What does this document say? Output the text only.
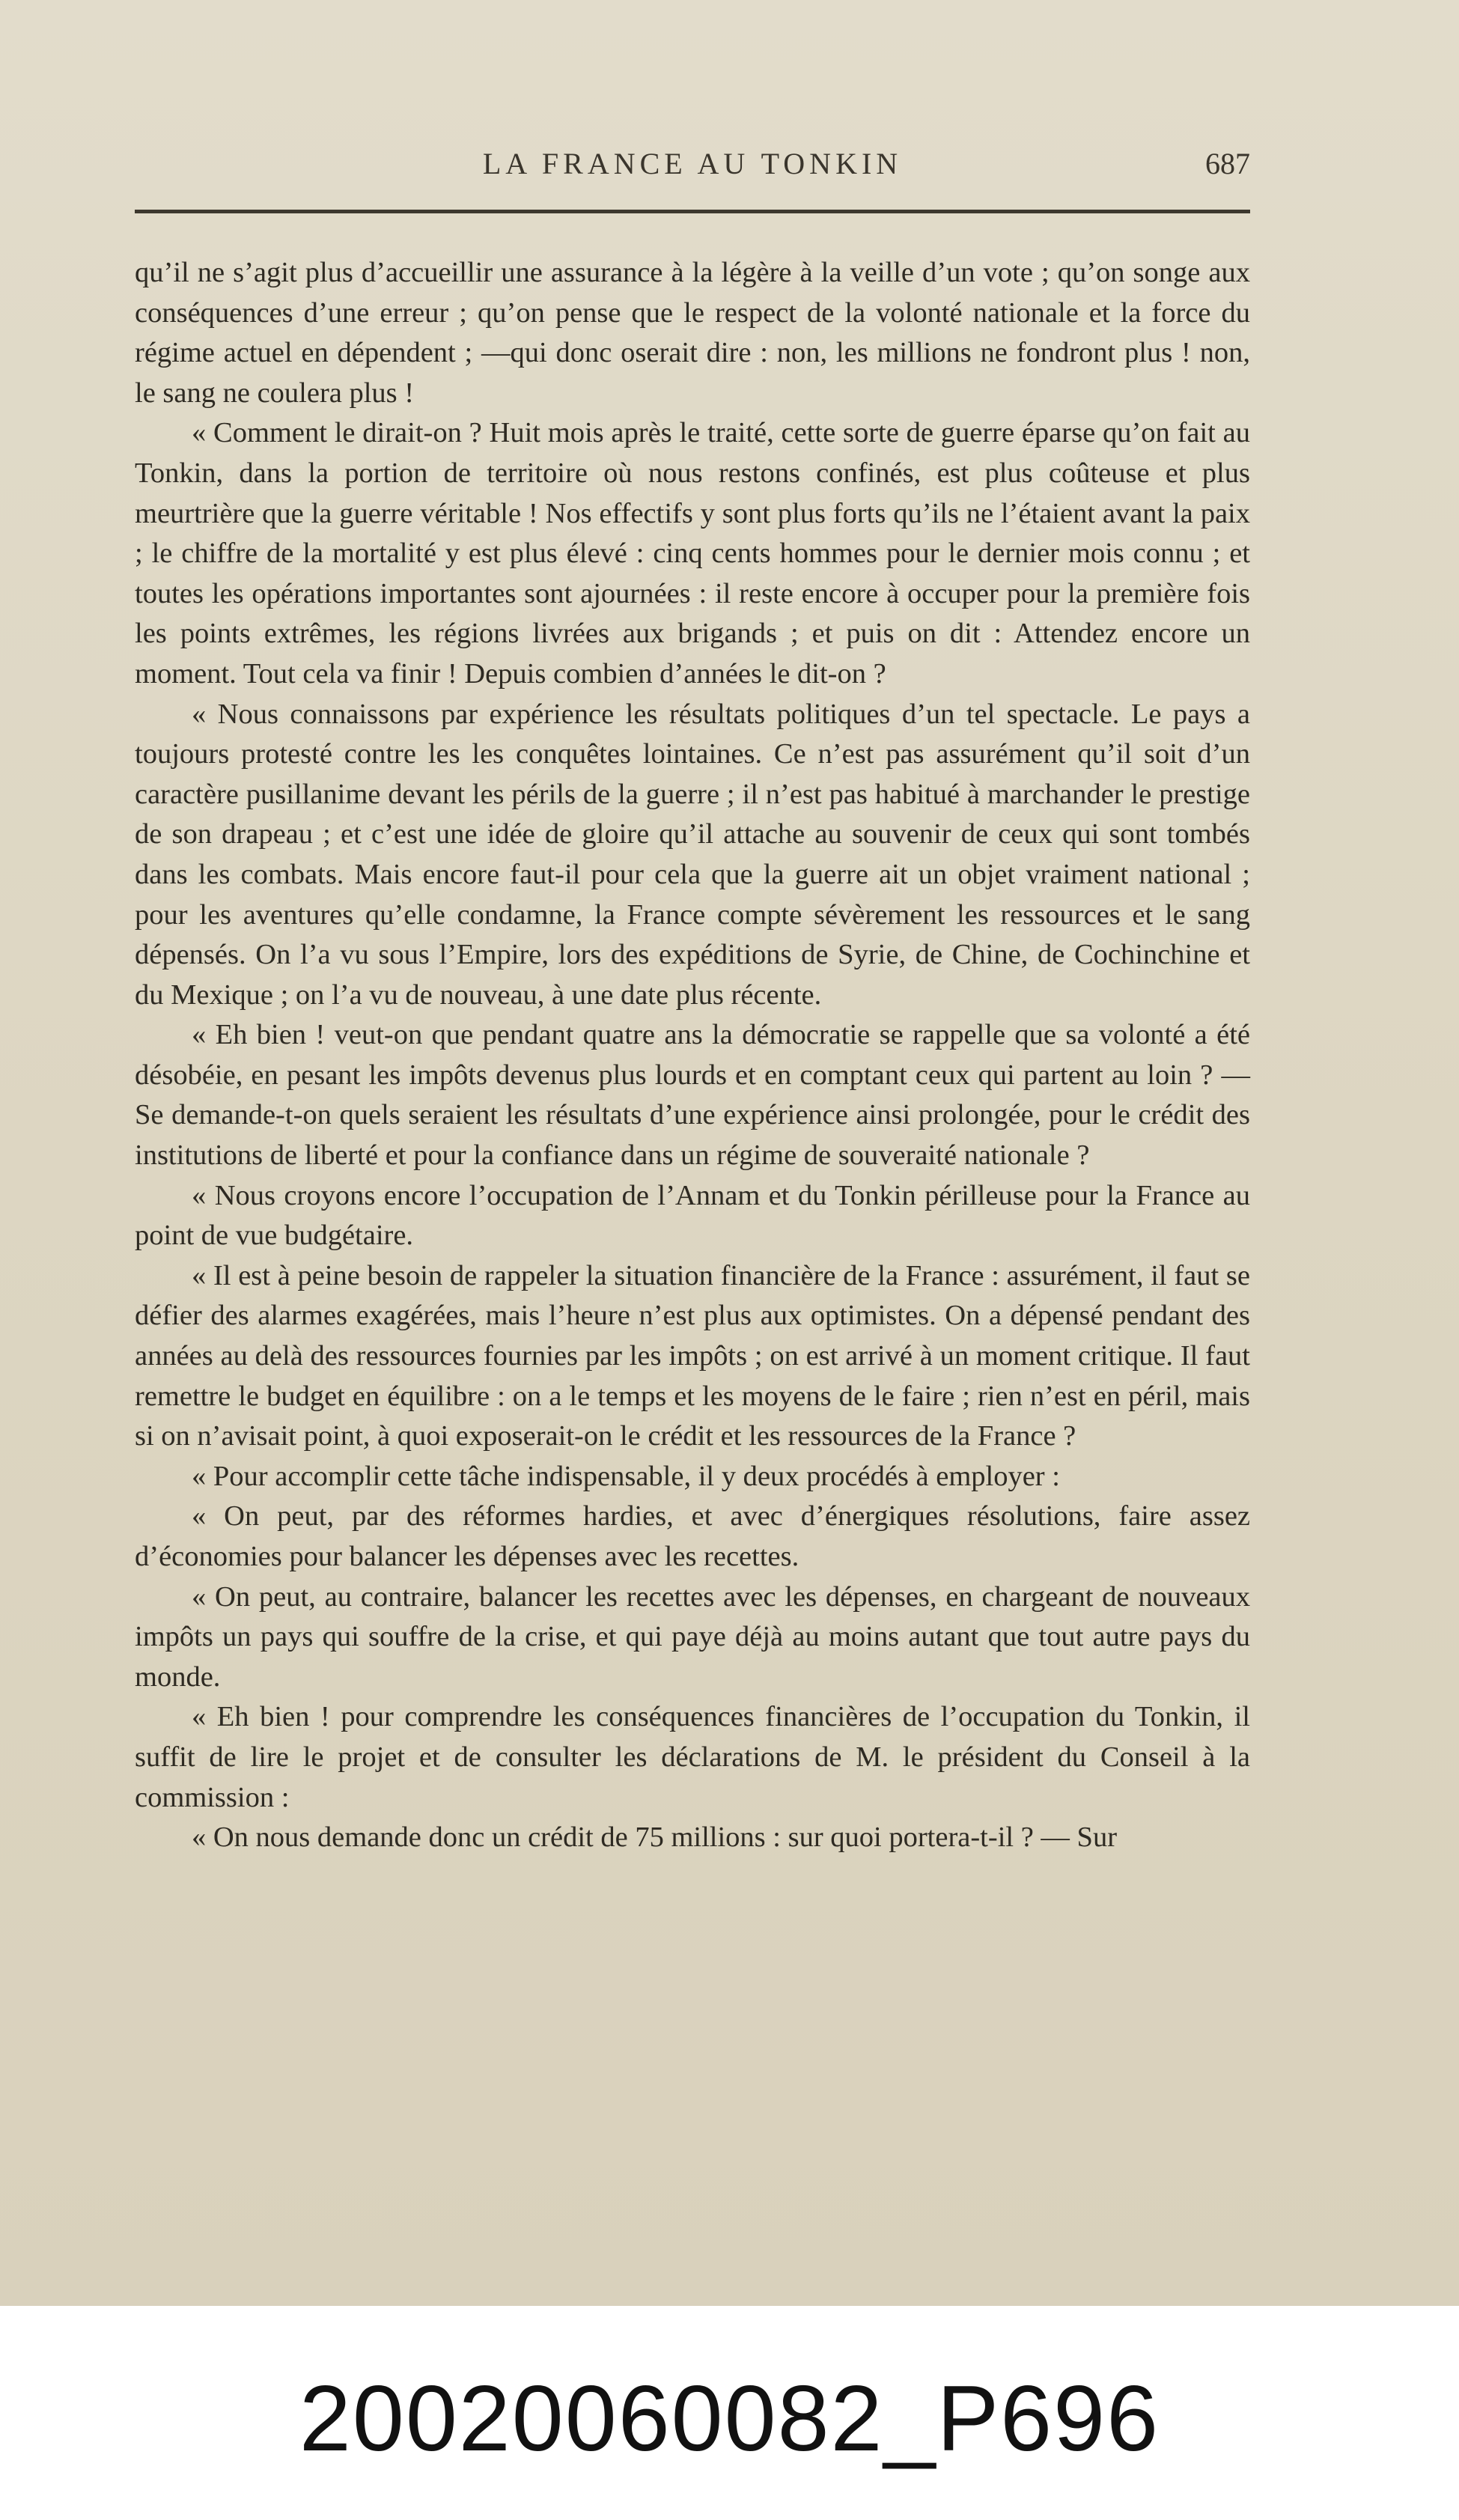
LA FRANCE AU TONKIN	687

qu’il ne s’agit plus d’accueillir une assurance à la légère à la veille d’un vote ; qu’on songe aux conséquences d’une erreur ; qu’on pense que le respect de la volonté nationale et la force du régime actuel en dépendent ; —qui donc oserait dire : non, les millions ne fondront plus ! non, le sang ne coulera plus !

« Comment le dirait-on ? Huit mois après le traité, cette sorte de guerre éparse qu’on fait au Tonkin, dans la portion de territoire où nous restons confinés, est plus coûteuse et plus meurtrière que la guerre véritable ! Nos effectifs y sont plus forts qu’ils ne l’étaient avant la paix ; le chiffre de la mortalité y est plus élevé : cinq cents hommes pour le dernier mois connu ; et toutes les opérations importantes sont ajournées : il reste encore à occuper pour la première fois les points extrêmes, les régions livrées aux brigands ; et puis on dit : Attendez encore un moment. Tout cela va finir ! Depuis combien d’années le dit-on ?

« Nous connaissons par expérience les résultats politiques d’un tel spectacle. Le pays a toujours protesté contre les les conquêtes lointaines. Ce n’est pas assurément qu’il soit d’un caractère pusillanime devant les périls de la guerre ; il n’est pas habitué à marchander le prestige de son drapeau ; et c’est une idée de gloire qu’il attache au souvenir de ceux qui sont tombés dans les combats. Mais encore faut-il pour cela que la guerre ait un objet vraiment national ; pour les aventures qu’elle condamne, la France compte sévèrement les ressources et le sang dépensés. On l’a vu sous l’Empire, lors des expéditions de Syrie, de Chine, de Cochinchine et du Mexique ; on l’a vu de nouveau, à une date plus récente.

« Eh bien ! veut-on que pendant quatre ans la démocratie se rappelle que sa volonté a été désobéie, en pesant les impôts devenus plus lourds et en comptant ceux qui partent au loin ? — Se demande-t-on quels seraient les résultats d’une expérience ainsi prolongée, pour le crédit des institutions de liberté et pour la confiance dans un régime de souveraité nationale ?

« Nous croyons encore l’occupation de l’Annam et du Tonkin périlleuse pour la France au point de vue budgétaire.

« Il est à peine besoin de rappeler la situation financière de la France : assurément, il faut se défier des alarmes exagérées, mais l’heure n’est plus aux optimistes. On a dépensé pendant des années au delà des ressources fournies par les impôts ; on est arrivé à un moment critique. Il faut remettre le budget en équilibre : on a le temps et les moyens de le faire ; rien n’est en péril, mais si on n’avisait point, à quoi exposerait-on le crédit et les ressources de la France ?

« Pour accomplir cette tâche indispensable, il y deux procédés à employer :

« On peut, par des réformes hardies, et avec d’énergiques résolutions, faire assez d’économies pour balancer les dépenses avec les recettes.

« On peut, au contraire, balancer les recettes avec les dépenses, en chargeant de nouveaux impôts un pays qui souffre de la crise, et qui paye déjà au moins autant que tout autre pays du monde.

« Eh bien ! pour comprendre les conséquences financières de l’occupation du Tonkin, il suffit de lire le projet et de consulter les déclarations de M. le président du Conseil à la commission :

« On nous demande donc un crédit de 75 millions : sur quoi portera-t-il ? — Sur

20020060082_P696
